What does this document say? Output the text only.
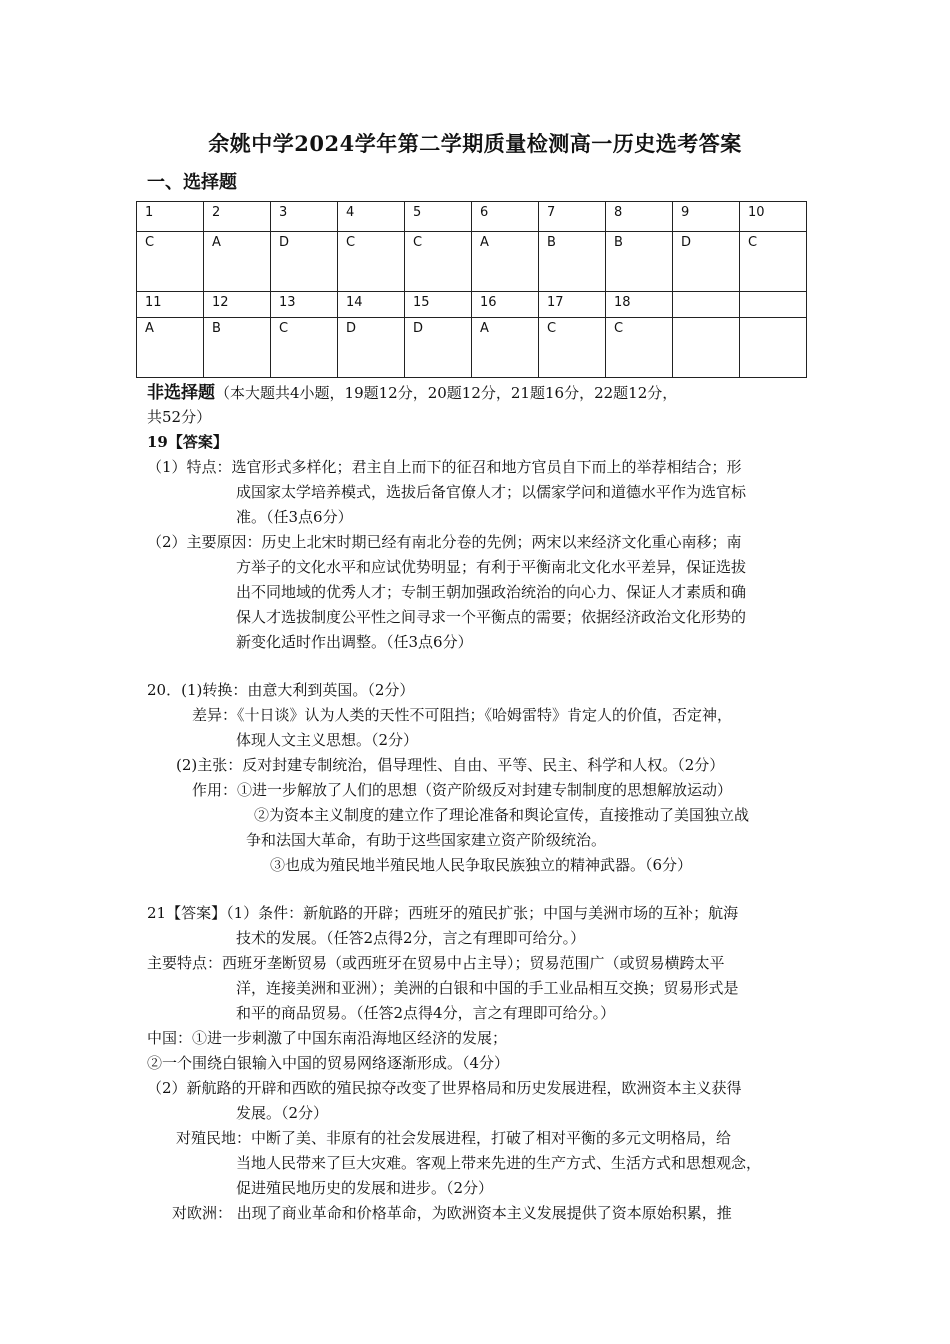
余姚中学2024学年第二学期质量检测高一历史选考答案
一、选择题
1	2	3	4	5	6	7	8	9	10
C	A	D	C	C	A	B	B	D	C
11	12	13	14	15	16	17	18		
A	B	C	D	D	A	C	C		
非选择题（本大题共4小题，19题12分，20题12分，21题16分，22题12分，
共52分）
19【答案】
（1）特点：选官形式多样化；君主自上而下的征召和地方官员自下而上的举荐相结合；形
成国家太学培养模式，选拔后备官僚人才；以儒家学问和道德水平作为选官标
准。（任3点6分）
（2）主要原因：历史上北宋时期已经有南北分卷的先例；两宋以来经济文化重心南移；南
方举子的文化水平和应试优势明显；有利于平衡南北文化水平差异，保证选拔
出不同地域的优秀人才；专制王朝加强政治统治的向心力、保证人才素质和确
保人才选拔制度公平性之间寻求一个平衡点的需要；依据经济政治文化形势的
新变化适时作出调整。（任3点6分）
20．(1)转换：由意大利到英国。（2分）
差异：《十日谈》认为人类的天性不可阻挡；《哈姆雷特》肯定人的价值，否定神，
体现人文主义思想。（2分）
(2)主张：反对封建专制统治，倡导理性、自由、平等、民主、科学和人权。（2分）
作用：①进一步解放了人们的思想（资产阶级反对封建专制制度的思想解放运动）
②为资本主义制度的建立作了理论准备和舆论宣传，直接推动了美国独立战
争和法国大革命，有助于这些国家建立资产阶级统治。
③也成为殖民地半殖民地人民争取民族独立的精神武器。（6分）
21【答案】（1）条件：新航路的开辟；西班牙的殖民扩张；中国与美洲市场的互补；航海
技术的发展。（任答2点得2分，言之有理即可给分。）
主要特点：西班牙垄断贸易（或西班牙在贸易中占主导）；贸易范围广（或贸易横跨太平
洋，连接美洲和亚洲）；美洲的白银和中国的手工业品相互交换；贸易形式是
和平的商品贸易。（任答2点得4分，言之有理即可给分。）
中国：①进一步刺激了中国东南沿海地区经济的发展；
②一个围绕白银输入中国的贸易网络逐渐形成。（4分）
（2）新航路的开辟和西欧的殖民掠夺改变了世界格局和历史发展进程，欧洲资本主义获得
发展。（2分）
对殖民地：中断了美、非原有的社会发展进程，打破了相对平衡的多元文明格局，给
当地人民带来了巨大灾难。客观上带来先进的生产方式、生活方式和思想观念，
促进殖民地历史的发展和进步。（2分）
对欧洲： 出现了商业革命和价格革命，为欧洲资本主义发展提供了资本原始积累，推
